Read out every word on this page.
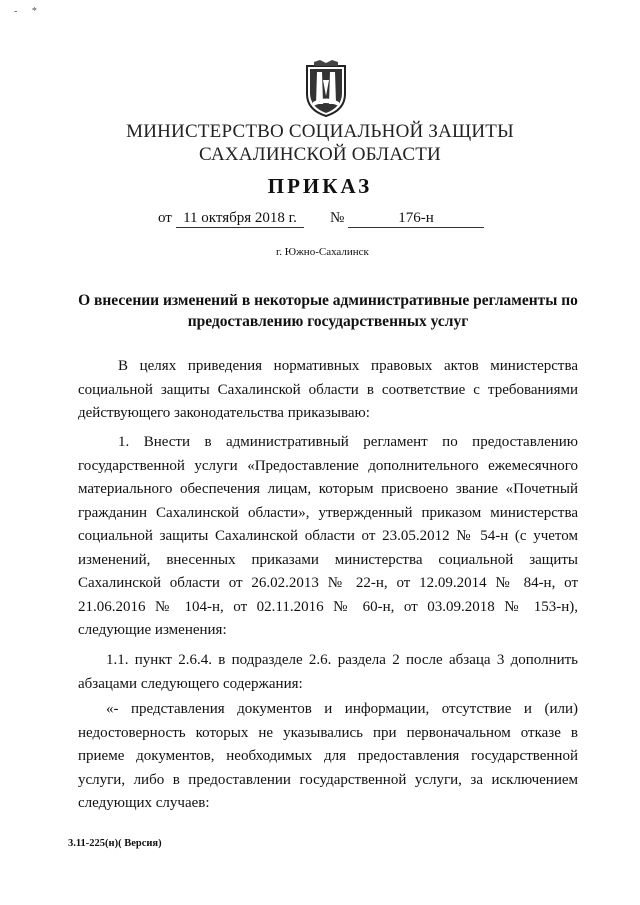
- *
МИНИСТЕРСТВО СОЦИАЛЬНОЙ ЗАЩИТЫ
САХАЛИНСКОЙ ОБЛАСТИ
ПРИКАЗ
от 11 октября 2018 г.	№	176-н
г. Южно-Сахалинск
О внесении изменений в некоторые административные регламенты по предоставлению государственных услуг
В целях приведения нормативных правовых актов министерства социальной защиты Сахалинской области в соответствие с требованиями действующего законодательства приказываю:
1. Внести в административный регламент по предоставлению государственной услуги «Предоставление дополнительного ежемесячного материального обеспечения лицам, которым присвоено звание «Почетный гражданин Сахалинской области», утвержденный приказом министерства социальной защиты Сахалинской области от 23.05.2012 № 54-н (с учетом изменений, внесенных приказами министерства социальной защиты Сахалинской области от 26.02.2013 № 22-н, от 12.09.2014 № 84-н, от 21.06.2016 № 104-н, от 02.11.2016 № 60-н, от 03.09.2018 № 153-н), следующие изменения:
1.1. пункт 2.6.4. в подразделе 2.6. раздела 2 после абзаца 3 дополнить абзацами следующего содержания:
«- представления документов и информации, отсутствие и (или) недостоверность которых не указывались при первоначальном отказе в приеме документов, необходимых для предоставления государственной услуги, либо в предоставлении государственной услуги, за исключением следующих случаев:
3.11-225(н)( Версия)
